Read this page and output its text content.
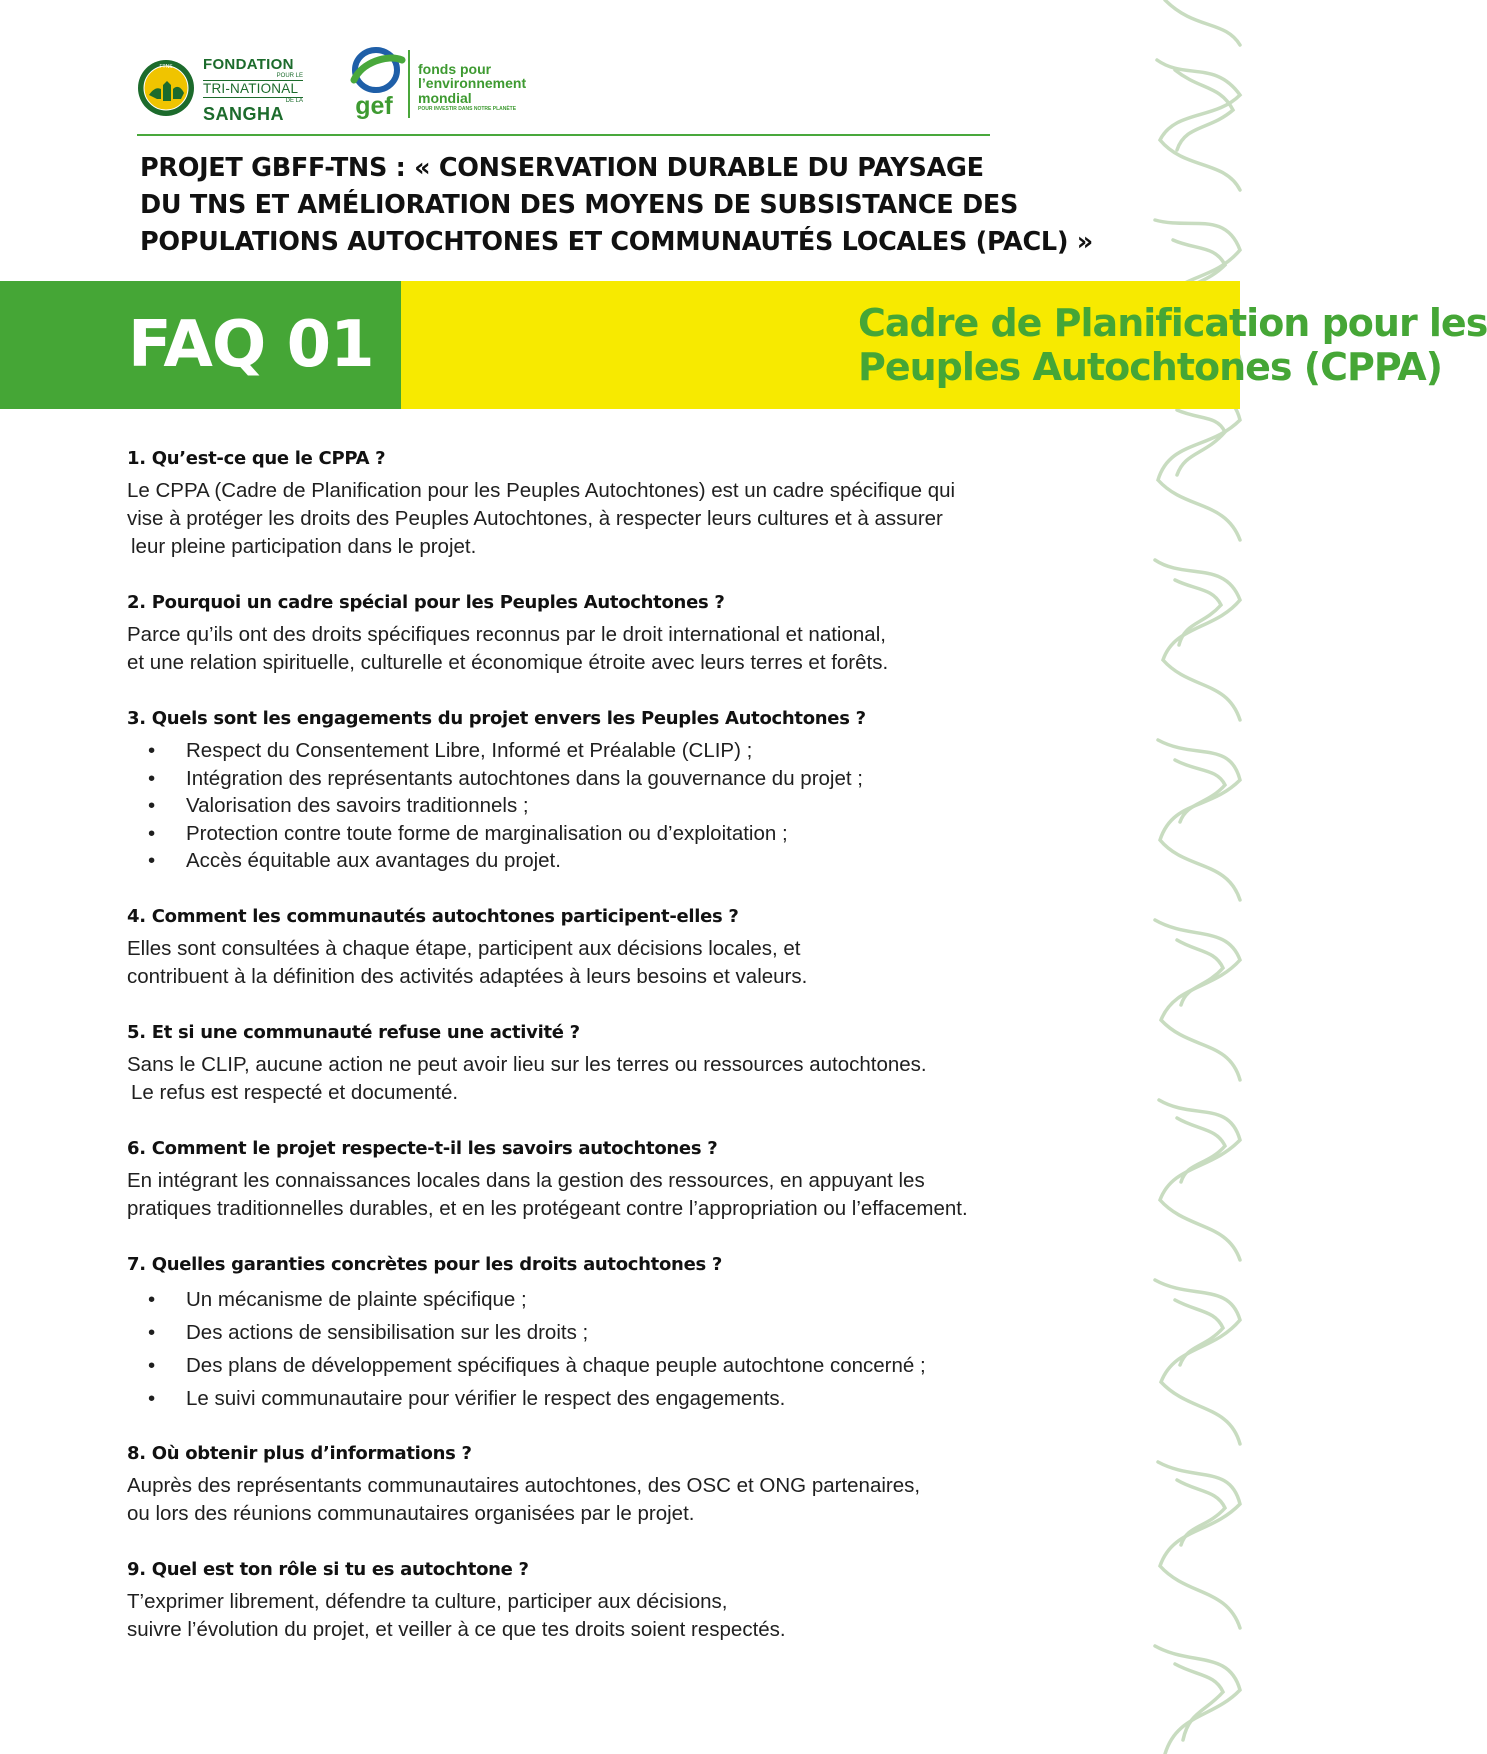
FTNS FONDATION
POUR LE
TRI-NATIONAL
DE LA
SANGHA	gef
fonds pour
l’environnement
mondial
POUR INVESTIR DANS NOTRE PLANÈTE
PROJET GBFF-TNS : « CONSERVATION DURABLE DU PAYSAGE
DU TNS ET AMÉLIORATION DES MOYENS DE SUBSISTANCE DES
POPULATIONS AUTOCHTONES ET COMMUNAUTÉS LOCALES (PACL) »
FAQ 01	Cadre de Planification pour les
Peuples Autochtones (CPPA)
1. Qu’est-ce que le CPPA ?
Le CPPA (Cadre de Planification pour les Peuples Autochtones) est un cadre spécifique qui
vise à protéger les droits des Peuples Autochtones, à respecter leurs cultures et à assurer
leur pleine participation dans le projet.
2. Pourquoi un cadre spécial pour les Peuples Autochtones ?
Parce qu’ils ont des droits spécifiques reconnus par le droit international et national,
et une relation spirituelle, culturelle et économique étroite avec leurs terres et forêts.
3. Quels sont les engagements du projet envers les Peuples Autochtones ?
• Respect du Consentement Libre, Informé et Préalable (CLIP) ;
• Intégration des représentants autochtones dans la gouvernance du projet ;
• Valorisation des savoirs traditionnels ;
• Protection contre toute forme de marginalisation ou d’exploitation ;
• Accès équitable aux avantages du projet.
4. Comment les communautés autochtones participent-elles ?
Elles sont consultées à chaque étape, participent aux décisions locales, et
contribuent à la définition des activités adaptées à leurs besoins et valeurs.
5. Et si une communauté refuse une activité ?
Sans le CLIP, aucune action ne peut avoir lieu sur les terres ou ressources autochtones.
Le refus est respecté et documenté.
6. Comment le projet respecte-t-il les savoirs autochtones ?
En intégrant les connaissances locales dans la gestion des ressources, en appuyant les
pratiques traditionnelles durables, et en les protégeant contre l’appropriation ou l’effacement.
7. Quelles garanties concrètes pour les droits autochtones ?
• Un mécanisme de plainte spécifique ;
• Des actions de sensibilisation sur les droits ;
• Des plans de développement spécifiques à chaque peuple autochtone concerné ;
• Le suivi communautaire pour vérifier le respect des engagements.
8. Où obtenir plus d’informations ?
Auprès des représentants communautaires autochtones, des OSC et ONG partenaires,
ou lors des réunions communautaires organisées par le projet.
9. Quel est ton rôle si tu es autochtone ?
T’exprimer librement, défendre ta culture, participer aux décisions,
suivre l’évolution du projet, et veiller à ce que tes droits soient respectés.
